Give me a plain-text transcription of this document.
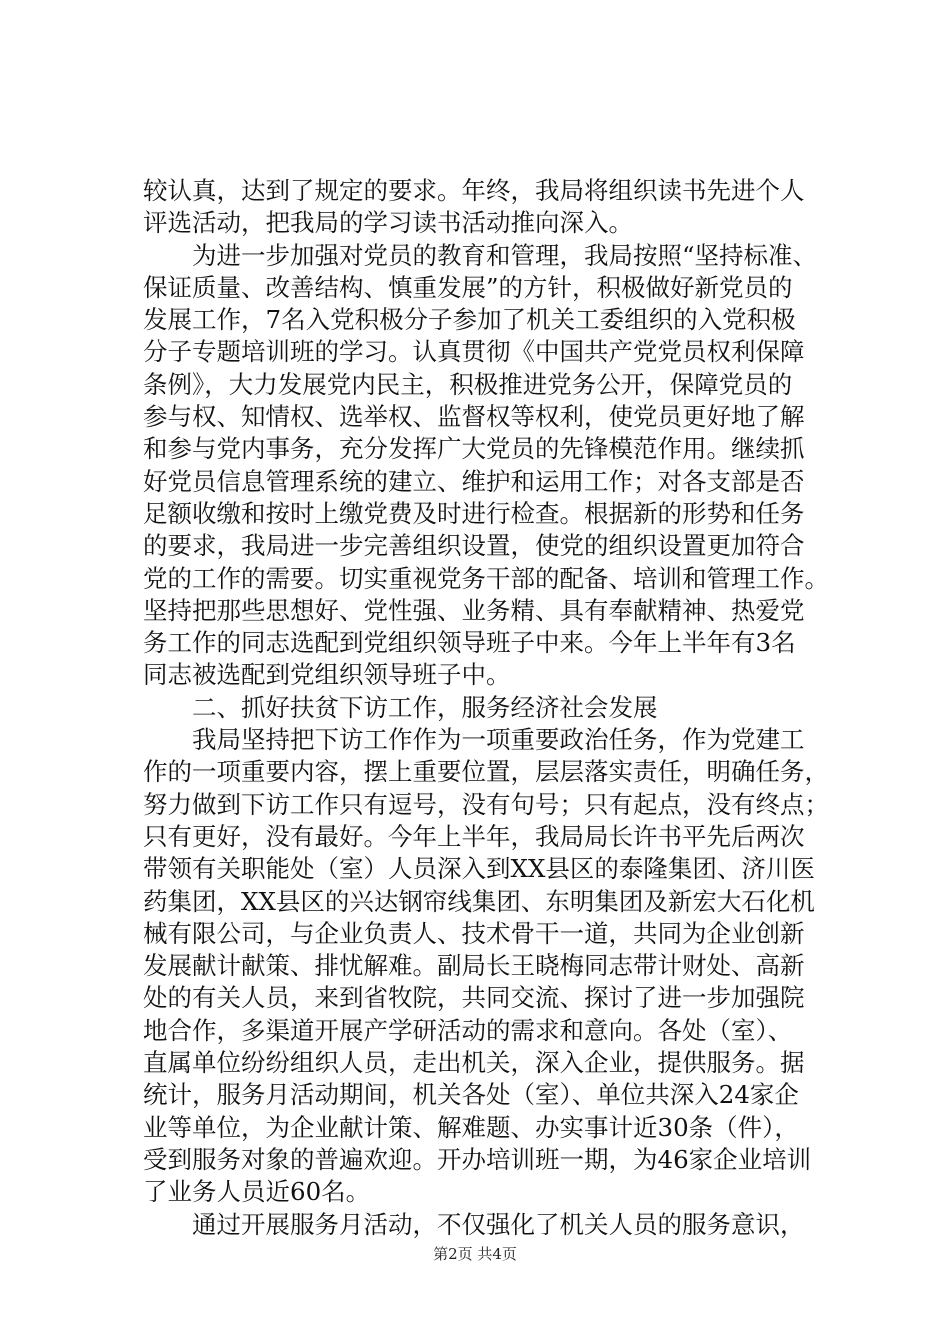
较认真，达到了规定的要求。年终，我局将组织读书先进个人
评选活动，把我局的学习读书活动推向深入。
为进一步加强对党员的教育和管理，我局按照“坚持标准、
保证质量、改善结构、慎重发展”的方针，积极做好新党员的
发展工作，7名入党积极分子参加了机关工委组织的入党积极
分子专题培训班的学习。认真贯彻《中国共产党党员权利保障
条例》，大力发展党内民主，积极推进党务公开，保障党员的
参与权、知情权、选举权、监督权等权利，使党员更好地了解
和参与党内事务，充分发挥广大党员的先锋模范作用。继续抓
好党员信息管理系统的建立、维护和运用工作；对各支部是否
足额收缴和按时上缴党费及时进行检查。根据新的形势和任务
的要求，我局进一步完善组织设置，使党的组织设置更加符合
党的工作的需要。切实重视党务干部的配备、培训和管理工作。
坚持把那些思想好、党性强、业务精、具有奉献精神、热爱党
务工作的同志选配到党组织领导班子中来。今年上半年有3名
同志被选配到党组织领导班子中。
二、抓好扶贫下访工作，服务经济社会发展
我局坚持把下访工作作为一项重要政治任务，作为党建工
作的一项重要内容，摆上重要位置，层层落实责任，明确任务，
努力做到下访工作只有逗号，没有句号；只有起点，没有终点；
只有更好，没有最好。今年上半年，我局局长许书平先后两次
带领有关职能处（室）人员深入到XX县区的泰隆集团、济川医
药集团，XX县区的兴达钢帘线集团、东明集团及新宏大石化机
械有限公司，与企业负责人、技术骨干一道，共同为企业创新
发展献计献策、排忧解难。副局长王晓梅同志带计财处、高新
处的有关人员，来到省牧院，共同交流、探讨了进一步加强院
地合作，多渠道开展产学研活动的需求和意向。各处（室）、
直属单位纷纷组织人员，走出机关，深入企业，提供服务。据
统计，服务月活动期间，机关各处（室）、单位共深入24家企
业等单位，为企业献计策、解难题、办实事计近30条（件），
受到服务对象的普遍欢迎。开办培训班一期，为46家企业培训
了业务人员近60名。
通过开展服务月活动，不仅强化了机关人员的服务意识，
第2页 共4页
